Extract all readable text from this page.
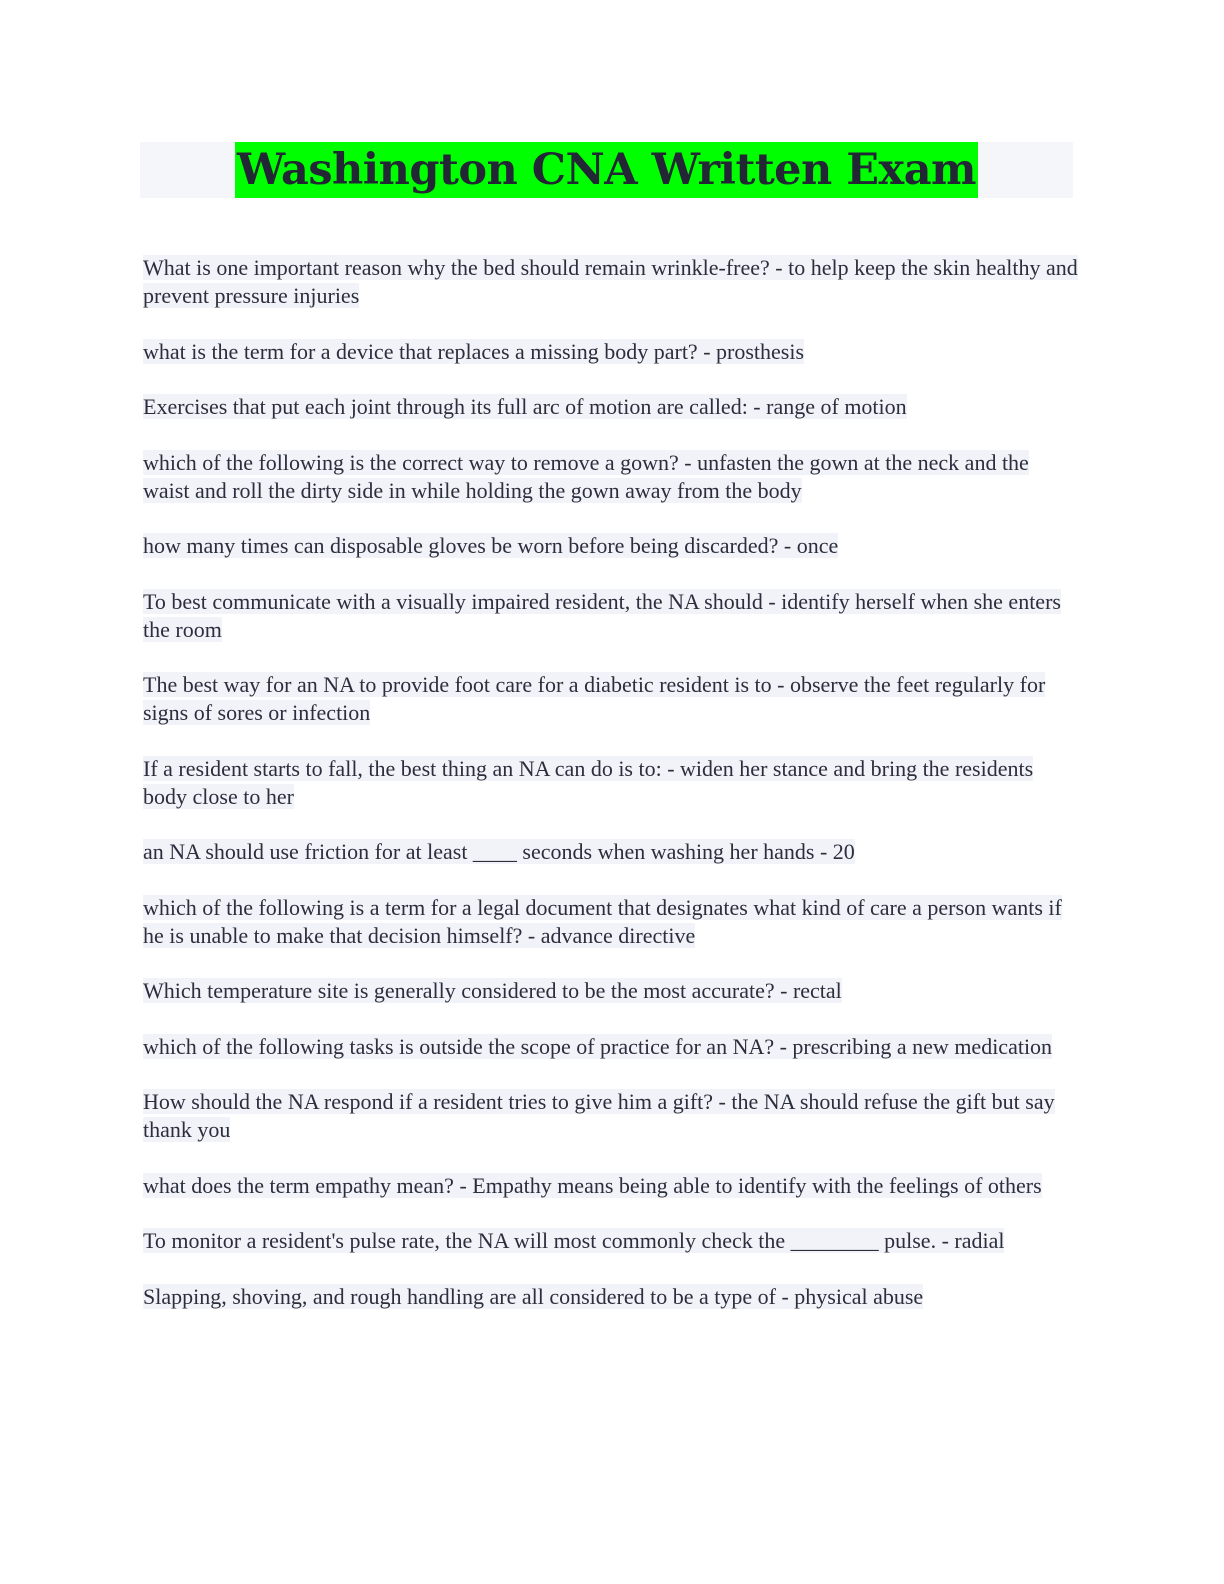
Washington CNA Written Exam

What is one important reason why the bed should remain wrinkle-free? - to help keep the skin healthy and prevent pressure injuries

what is the term for a device that replaces a missing body part? - prosthesis

Exercises that put each joint through its full arc of motion are called: - range of motion

which of the following is the correct way to remove a gown? - unfasten the gown at the neck and the waist and roll the dirty side in while holding the gown away from the body

how many times can disposable gloves be worn before being discarded? - once

To best communicate with a visually impaired resident, the NA should - identify herself when she enters the room

The best way for an NA to provide foot care for a diabetic resident is to - observe the feet regularly for signs of sores or infection

If a resident starts to fall, the best thing an NA can do is to: - widen her stance and bring the residents body close to her

an NA should use friction for at least ____ seconds when washing her hands - 20

which of the following is a term for a legal document that designates what kind of care a person wants if he is unable to make that decision himself? - advance directive

Which temperature site is generally considered to be the most accurate? - rectal

which of the following tasks is outside the scope of practice for an NA? - prescribing a new medication

How should the NA respond if a resident tries to give him a gift? - the NA should refuse the gift but say thank you

what does the term empathy mean? - Empathy means being able to identify with the feelings of others

To monitor a resident's pulse rate, the NA will most commonly check the ________ pulse. - radial

Slapping, shoving, and rough handling are all considered to be a type of - physical abuse
